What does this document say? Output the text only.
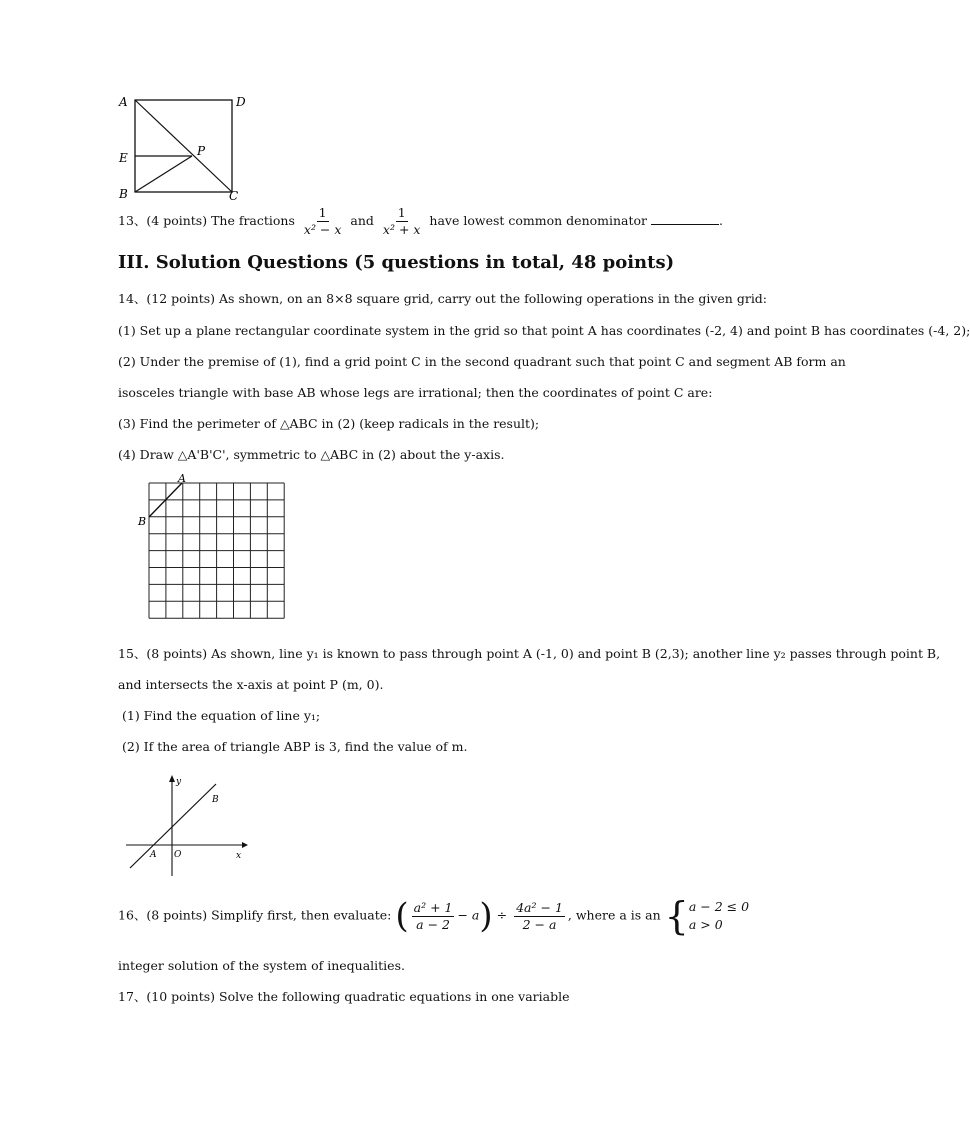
A	D
E	P
B	C
13、(4 points) The fractions $\frac{1}{\text{x² − x}}$ and $\frac{1}{\text{x² + x}}$ have lowest common denominator	.
III. Solution Questions (5 questions in total, 48 points)
14、(12 points) As shown, on an 8×8 square grid, carry out the following operations in the given grid:
(1) Set up a plane rectangular coordinate system in the grid so that point A has coordinates (-2, 4) and point B has coordinates (-4, 2);
(2) Under the premise of (1), find a grid point C in the second quadrant such that point C and segment AB form an
isosceles triangle with base AB whose legs are irrational; then the coordinates of point C are:
(3) Find the perimeter of △ABC in (2) (keep radicals in the result);
(4) Draw △A'B'C', symmetric to △ABC in (2) about the y-axis.
A
B
15、(8 points) As shown, line y₁ is known to pass through point A (-1, 0) and point B (2,3); another line y₂ passes through point B,
and intersects the x-axis at point P (m, 0).
(1) Find the equation of line y₁;
(2) If the area of triangle ABP is 3, find the value of m.
y
x
A O
B
16、(8 points) Simplify first, then evaluate: ( $\frac{\text{a² + 1}}{a - 2} - a) \div \frac{\text{4a² − 1}}{2 - a}$ , where a is an { a − 2 ≤ 0
a > 0
integer solution of the system of inequalities.
17、(10 points) Solve the following quadratic equations in one variable
